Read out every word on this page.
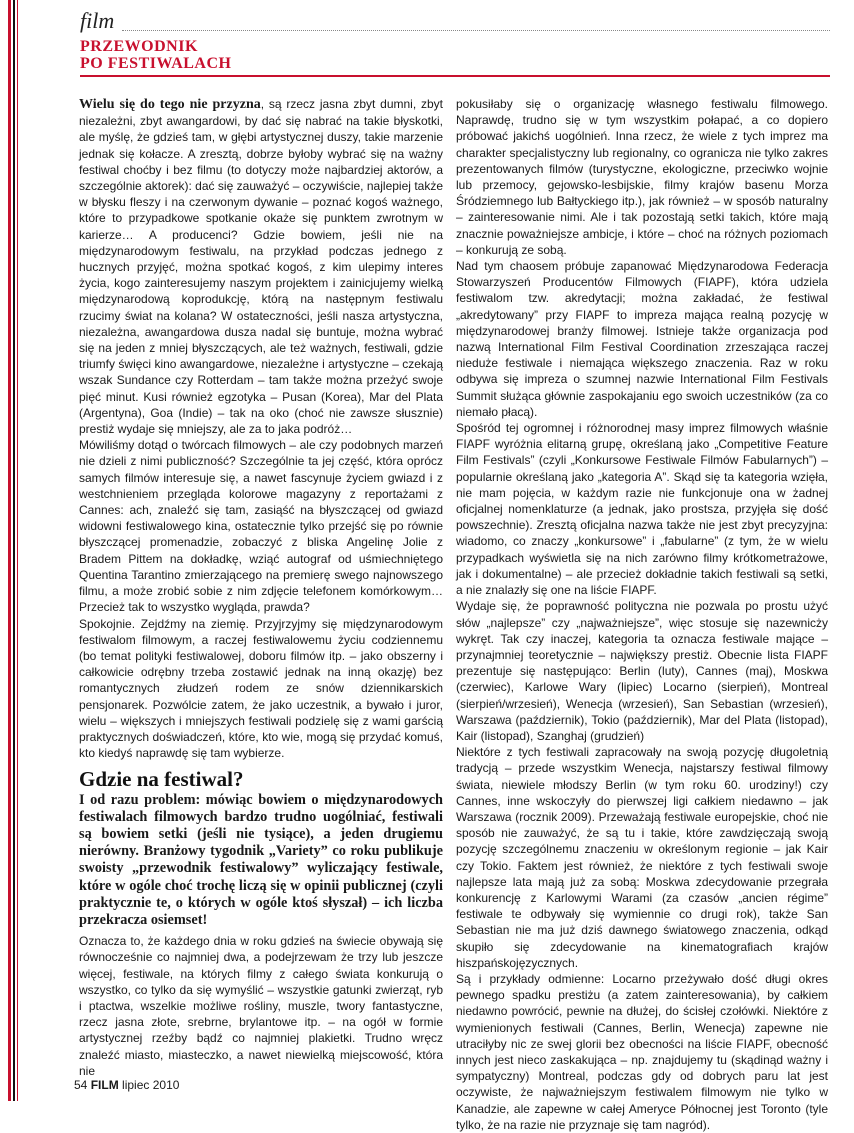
film
PRZEWODNIK
PO FESTIWALACH

Wielu się do tego nie przyzna, są rzecz jasna zbyt dumni, zbyt niezależni, zbyt awangardowi, by dać się nabrać na takie błyskotki, ale myślę, że gdzieś tam, w głębi artystycznej duszy, takie marzenie jednak się kołacze. A zresztą, dobrze byłoby wybrać się na ważny festiwal choćby i bez filmu (to dotyczy może najbardziej aktorów, a szczególnie aktorek): dać się zauważyć – oczywiście, najlepiej także w błysku fleszy i na czerwonym dywanie – poznać kogoś ważnego, które to przypadkowe spotkanie okaże się punktem zwrotnym w karierze… A producenci? Gdzie bowiem, jeśli nie na międzynarodowym festiwalu, na przykład podczas jednego z hucznych przyjęć, można spotkać kogoś, z kim ulepimy interes życia, kogo zainteresujemy naszym projektem i zainicjujemy wielką międzynarodową koprodukcję, którą na następnym festiwalu rzucimy świat na kolana? W ostateczności, jeśli nasza artystyczna, niezależna, awangardowa dusza nadal się buntuje, można wybrać się na jeden z mniej błyszczących, ale też ważnych, festiwali, gdzie triumfy święci kino awangardowe, niezależne i artystyczne – czekają wszak Sundance czy Rotterdam – tam także można przeżyć swoje pięć minut. Kusi również egzotyka – Pusan (Korea), Mar del Plata (Argentyna), Goa (Indie) – tak na oko (choć nie zawsze słusznie) prestiż wydaje się mniejszy, ale za to jaka podróż…

Mówiliśmy dotąd o twórcach filmowych – ale czy podobnych marzeń nie dzieli z nimi publiczność? Szczególnie ta jej część, która oprócz samych filmów interesuje się, a nawet fascynuje życiem gwiazd i z westchnieniem przegląda kolorowe magazyny z reportażami z Cannes: ach, znaleźć się tam, zasiąść na błyszczącej od gwiazd widowni festiwalowego kina, ostatecznie tylko przejść się po równie błyszczącej promenadzie, zobaczyć z bliska Angelinę Jolie z Bradem Pittem na dokładkę, wziąć autograf od uśmiechniętego Quentina Tarantino zmierzającego na premierę swego najnowszego filmu, a może zrobić sobie z nim zdjęcie telefonem komórkowym… Przecież tak to wszystko wygląda, prawda?

Spokojnie. Zejdźmy na ziemię. Przyjrzyjmy się międzynarodowym festiwalom filmowym, a raczej festiwalowemu życiu codziennemu (bo temat polityki festiwalowej, doboru filmów itp. – jako obszerny i całkowicie odrębny trzeba zostawić jednak na inną okazję) bez romantycznych złudzeń rodem ze snów dziennikarskich pensjonarek. Pozwólcie zatem, że jako uczestnik, a bywało i juror, wielu – większych i mniejszych festiwali podzielę się z wami garścią praktycznych doświadczeń, które, kto wie, mogą się przydać komuś, kto kiedyś naprawdę się tam wybierze.

Gdzie na festiwal?
I od razu problem: mówiąc bowiem o międzynarodowych festiwalach filmowych bardzo trudno uogólniać, festiwali są bowiem setki (jeśli nie tysiące), a jeden drugiemu nierówny. Branżowy tygodnik „Variety” co roku publikuje swoisty „przewodnik festiwalowy” wyliczający festiwale, które w ogóle choć trochę liczą się w opinii publicznej (czyli praktycznie te, o których w ogóle ktoś słyszał) – ich liczba przekracza osiemset!

Oznacza to, że każdego dnia w roku gdzieś na świecie obywają się równocześnie co najmniej dwa, a podejrzewam że trzy lub jeszcze więcej, festiwale, na których filmy z całego świata konkurują o wszystko, co tylko da się wymyślić – wszystkie gatunki zwierząt, ryb i ptactwa, wszelkie możliwe rośliny, muszle, twory fantastyczne, rzecz jasna złote, srebrne, brylantowe itp. – na ogół w formie artystycznej rzeźby bądź co najmniej plakietki. Trudno wręcz znaleźć miasto, miasteczko, a nawet niewielką miejscowość, która nie

pokusiłaby się o organizację własnego festiwalu filmowego. Naprawdę, trudno się w tym wszystkim połapać, a co dopiero próbować jakichś uogólnień. Inna rzecz, że wiele z tych imprez ma charakter specjalistyczny lub regionalny, co ogranicza nie tylko zakres prezentowanych filmów (turystyczne, ekologiczne, przeciwko wojnie lub przemocy, gejowsko-lesbijskie, filmy krajów basenu Morza Śródziemnego lub Bałtyckiego itp.), jak również – w sposób naturalny – zainteresowanie nimi. Ale i tak pozostają setki takich, które mają znacznie poważniejsze ambicje, i które – choć na różnych poziomach – konkurują ze sobą.

Nad tym chaosem próbuje zapanować Międzynarodowa Federacja Stowarzyszeń Producentów Filmowych (FIAPF), która udziela festiwalom tzw. akredytacji; można zakładać, że festiwal „akredytowany” przy FIAPF to impreza mająca realną pozycję w międzynarodowej branży filmowej. Istnieje także organizacja pod nazwą International Film Festival Coordination zrzeszająca raczej nieduże festiwale i niemająca większego znaczenia. Raz w roku odbywa się impreza o szumnej nazwie International Film Festivals Summit służąca głównie zaspokajaniu ego swoich uczestników (za co niemało płacą).

Spośród tej ogromnej i różnorodnej masy imprez filmowych właśnie FIAPF wyróżnia elitarną grupę, określaną jako „Competitive Feature Film Festivals” (czyli „Konkursowe Festiwale Filmów Fabularnych”) – popularnie określaną jako „kategoria A”. Skąd się ta kategoria wzięła, nie mam pojęcia, w każdym razie nie funkcjonuje ona w żadnej oficjalnej nomenklaturze (a jednak, jako prostsza, przyjęła się dość powszechnie). Zresztą oficjalna nazwa także nie jest zbyt precyzyjna: wiadomo, co znaczy „konkursowe” i „fabularne” (z tym, że w wielu przypadkach wyświetla się na nich zarówno filmy krótkometrażowe, jak i dokumentalne) – ale przecież dokładnie takich festiwali są setki, a nie znalazły się one na liście FIAPF.

Wydaje się, że poprawność polityczna nie pozwala po prostu użyć słów „najlepsze” czy „najważniejsze”, więc stosuje się nazewnicży wykręt. Tak czy inaczej, kategoria ta oznacza festiwale mające – przynajmniej teoretycznie – największy prestiż. Obecnie lista FIAPF prezentuje się następująco: Berlin (luty), Cannes (maj), Moskwa (czerwiec), Karlowe Wary (lipiec) Locarno (sierpień), Montreal (sierpień/wrzesień), Wenecja (wrzesień), San Sebastian (wrzesień), Warszawa (październik), Tokio (październik), Mar del Plata (listopad), Kair (listopad), Szanghaj (grudzień)

Niektóre z tych festiwali zapracowały na swoją pozycję długoletnią tradycją – przede wszystkim Wenecja, najstarszy festiwal filmowy świata, niewiele młodszy Berlin (w tym roku 60. urodziny!) czy Cannes, inne wskoczyły do pierwszej ligi całkiem niedawno – jak Warszawa (rocznik 2009). Przeważają festiwale europejskie, choć nie sposób nie zauważyć, że są tu i takie, które zawdzięczają swoją pozycję szczególnemu znaczeniu w określonym regionie – jak Kair czy Tokio. Faktem jest również, że niektóre z tych festiwali swoje najlepsze lata mają już za sobą: Moskwa zdecydowanie przegrała konkurencję z Karlowymi Warami (za czasów „ancien régime” festiwale te odbywały się wymiennie co drugi rok), także San Sebastian nie ma już dziś dawnego światowego znaczenia, odkąd skupiło się zdecydowanie na kinematografiach krajów hiszpańskojęzycznych.

Są i przykłady odmienne: Locarno przeżywało dość długi okres pewnego spadku prestiżu (a zatem zainteresowania), by całkiem niedawno powrócić, pewnie na dłużej, do ścisłej czołówki. Niektóre z wymienionych festiwali (Cannes, Berlin, Wenecja) zapewne nie utraciłyby nic ze swej glorii bez obecności na liście FIAPF, obecność innych jest nieco zaskakująca – np. znajdujemy tu (skądinąd ważny i sympatyczny) Montreal, podczas gdy od dobrych paru lat jest oczywiste, że najważniejszym festiwalem filmowym nie tylko w Kanadzie, ale zapewne w całej Ameryce Północnej jest Toronto (tyle tylko, że na razie nie przyznaje się tam nagród).

54 FILM lipiec 2010
